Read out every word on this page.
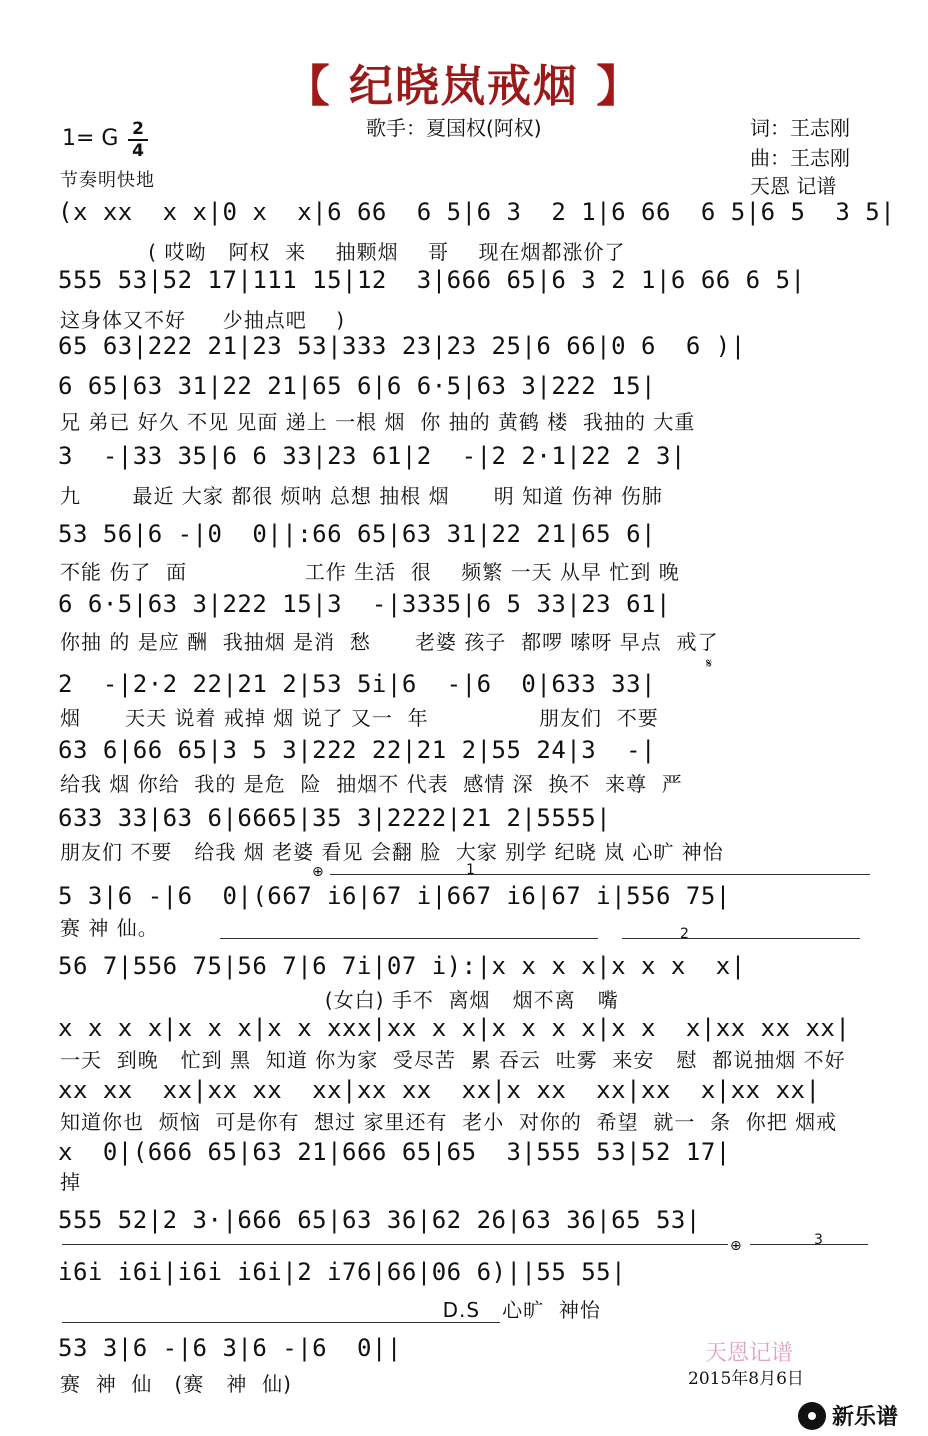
【 纪晓岚戒烟 】
歌手：夏国权(阿权)	词：王志刚
曲：王志刚
天恩 记谱
1= G 2
4
节奏明快地
(x xx  x x|0 x  x|6 66  6 5|6 3  2 1|6 66  6 5|6 5  3 5|
( 哎呦   阿权  来    抽颗烟    哥    现在烟都涨价了
555 53|52 17|111 15|12  3|666 65|6 3 2 1|6 66 6 5|
这身体又不好     少抽点吧    )
65 63|222 21|23 53|333 23|23 25|6 66|0 6  6 )|
6 65|63 31|22 21|65 6|6 6·5|63 3|222 15|
兄 弟已 好久 不见 见面 递上 一根 烟  你 抽的 黄鹤 楼  我抽的 大重
3  -|33 35|6 6 33|23 61|2  -|2 2·1|22 2 3|
九       最近 大家 都很 烦呐 总想 抽根 烟      明 知道 伤神 伤肺
53 56|6 -|0  0||:66 65|63 31|22 21|65 6|
不能 伤了  面                工作 生活  很    频繁 一天 从早 忙到 晚
6 6·5|63 3|222 15|3  -|3335|6 5 33|23 61|
你抽 的 是应 酬  我抽烟 是消  愁      老婆 孩子  都啰 嗦呀 早点  戒了
2  -|2·2 22|21 2|53 5i|6  -|6  0|633 33|
烟      天天 说着 戒掉 烟 说了 又一  年               朋友们  不要
𝄋
63 6|66 65|3 5 3|222 22|21 2|55 24|3  -|
给我 烟 你给  我的 是危  险  抽烟不 代表  感情 深  换不  来尊  严
633 33|63 6|6665|35 3|2222|21 2|5555|
朋友们 不要   给我 烟 老婆 看见 会翻 脸  大家 别学 纪晓 岚 心旷 神怡
5 3|6 -|6  0|(667 i6|67 i|667 i6|67 i|556 75|
赛 神 仙。
⊕	1
56 7|556 75|56 7|6 7i|07 i):|x x x x|x x x  x|
(女白) 手不  离烟   烟不离   嘴
2
x x x x|x x x|x x xxx|xx x x|x x x x|x x  x|xx xx xx|
一天  到晚   忙到 黑  知道 你为家  受尽苦  累 吞云  吐雾  来安   慰  都说抽烟 不好
xx xx  xx|xx xx  xx|xx xx  xx|x xx  xx|xx  x|xx xx|
知道你也  烦恼  可是你有  想过 家里还有  老小  对你的  希望  就一  条  你把 烟戒
x  0|(666 65|63 21|666 65|65  3|555 53|52 17|
掉
555 52|2 3·|666 65|63 36|62 26|63 36|65 53|
i6i i6i|i6i i6i|2 i76|66|06 6)||55 55|
D.S   心旷  神怡
⊕	3
53 3|6 -|6 3|6 -|6  0||
赛  神  仙   (赛   神  仙)
天恩记谱
2015年8月6日
新乐谱
